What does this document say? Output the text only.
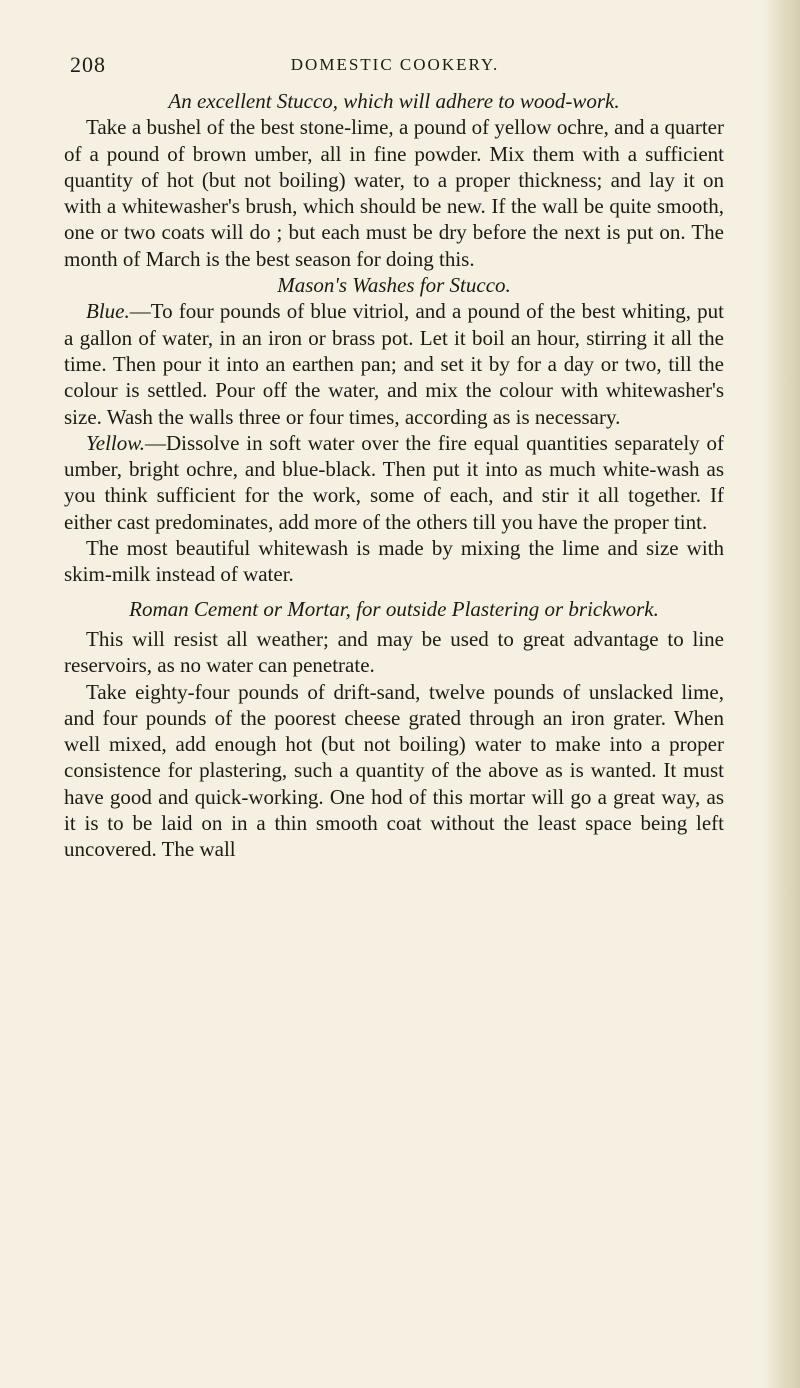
208	DOMESTIC COOKERY.
An excellent Stucco, which will adhere to wood-work.

Take a bushel of the best stone-lime, a pound of yellow ochre, and a quarter of a pound of brown umber, all in fine powder. Mix them with a sufficient quantity of hot (but not boiling) water, to a proper thickness; and lay it on with a whitewasher's brush, which should be new. If the wall be quite smooth, one or two coats will do ; but each must be dry before the next is put on. The month of March is the best season for doing this.

Mason's Washes for Stucco.

Blue.—To four pounds of blue vitriol, and a pound of the best whiting, put a gallon of water, in an iron or brass pot. Let it boil an hour, stirring it all the time. Then pour it into an earthen pan; and set it by for a day or two, till the colour is settled. Pour off the water, and mix the colour with whitewasher's size. Wash the walls three or four times, according as is necessary.

Yellow.—Dissolve in soft water over the fire equal quantities separately of umber, bright ochre, and blue-black. Then put it into as much white-wash as you think sufficient for the work, some of each, and stir it all together. If either cast predominates, add more of the others till you have the proper tint.

The most beautiful whitewash is made by mixing the lime and size with skim-milk instead of water.

Roman Cement or Mortar, for outside Plastering or brickwork.

This will resist all weather; and may be used to great advantage to line reservoirs, as no water can penetrate.

Take eighty-four pounds of drift-sand, twelve pounds of unslacked lime, and four pounds of the poorest cheese grated through an iron grater. When well mixed, add enough hot (but not boiling) water to make into a proper consistence for plastering, such a quantity of the above as is wanted. It must have good and quick-working. One hod of this mortar will go a great way, as it is to be laid on in a thin smooth coat without the least space being left uncovered. The wall
